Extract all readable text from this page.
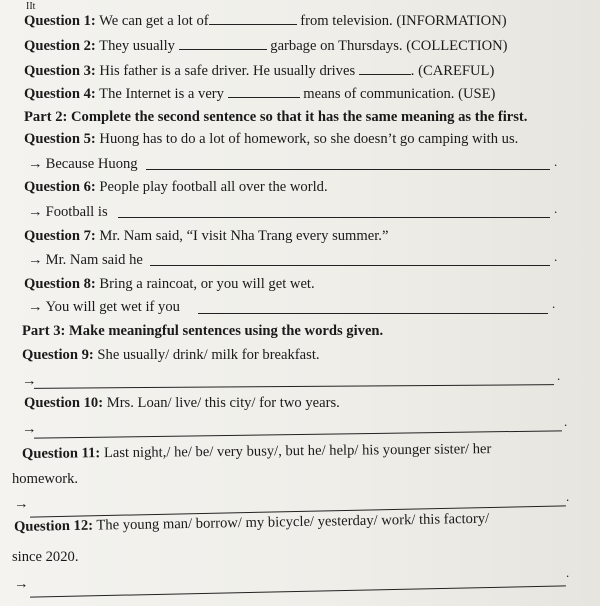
IIt
Question 1: We can get a lot of	from television. (INFORMATION)
Question 2: They usually	garbage on Thursdays. (COLLECTION)
Question 3: His father is a safe driver. He usually drives	. (CAREFUL)
Question 4: The Internet is a very	means of communication. (USE)
Part 2: Complete the second sentence so that it has the same meaning as the first.
Question 5: Huong has to do a lot of homework, so she doesn’t go camping with us.
→ Because Huong	.
Question 6: People play football all over the world.
→ Football is	.
Question 7: Mr. Nam said, “I visit Nha Trang every summer.”
→ Mr. Nam said he	.
Question 8: Bring a raincoat, or you will get wet.
→ You will get wet if you	.
Part 3: Make meaningful sentences using the words given.
Question 9: She usually/ drink/ milk for breakfast.
→	.
Question 10: Mrs. Loan/ live/ this city/ for two years.
→	.
Question 11: Last night,/ he/ be/ very busy/, but he/ help/ his younger sister/ her
homework.
→	.
Question 12: The young man/ borrow/ my bicycle/ yesterday/ work/ this factory/
since 2020.
→
.
